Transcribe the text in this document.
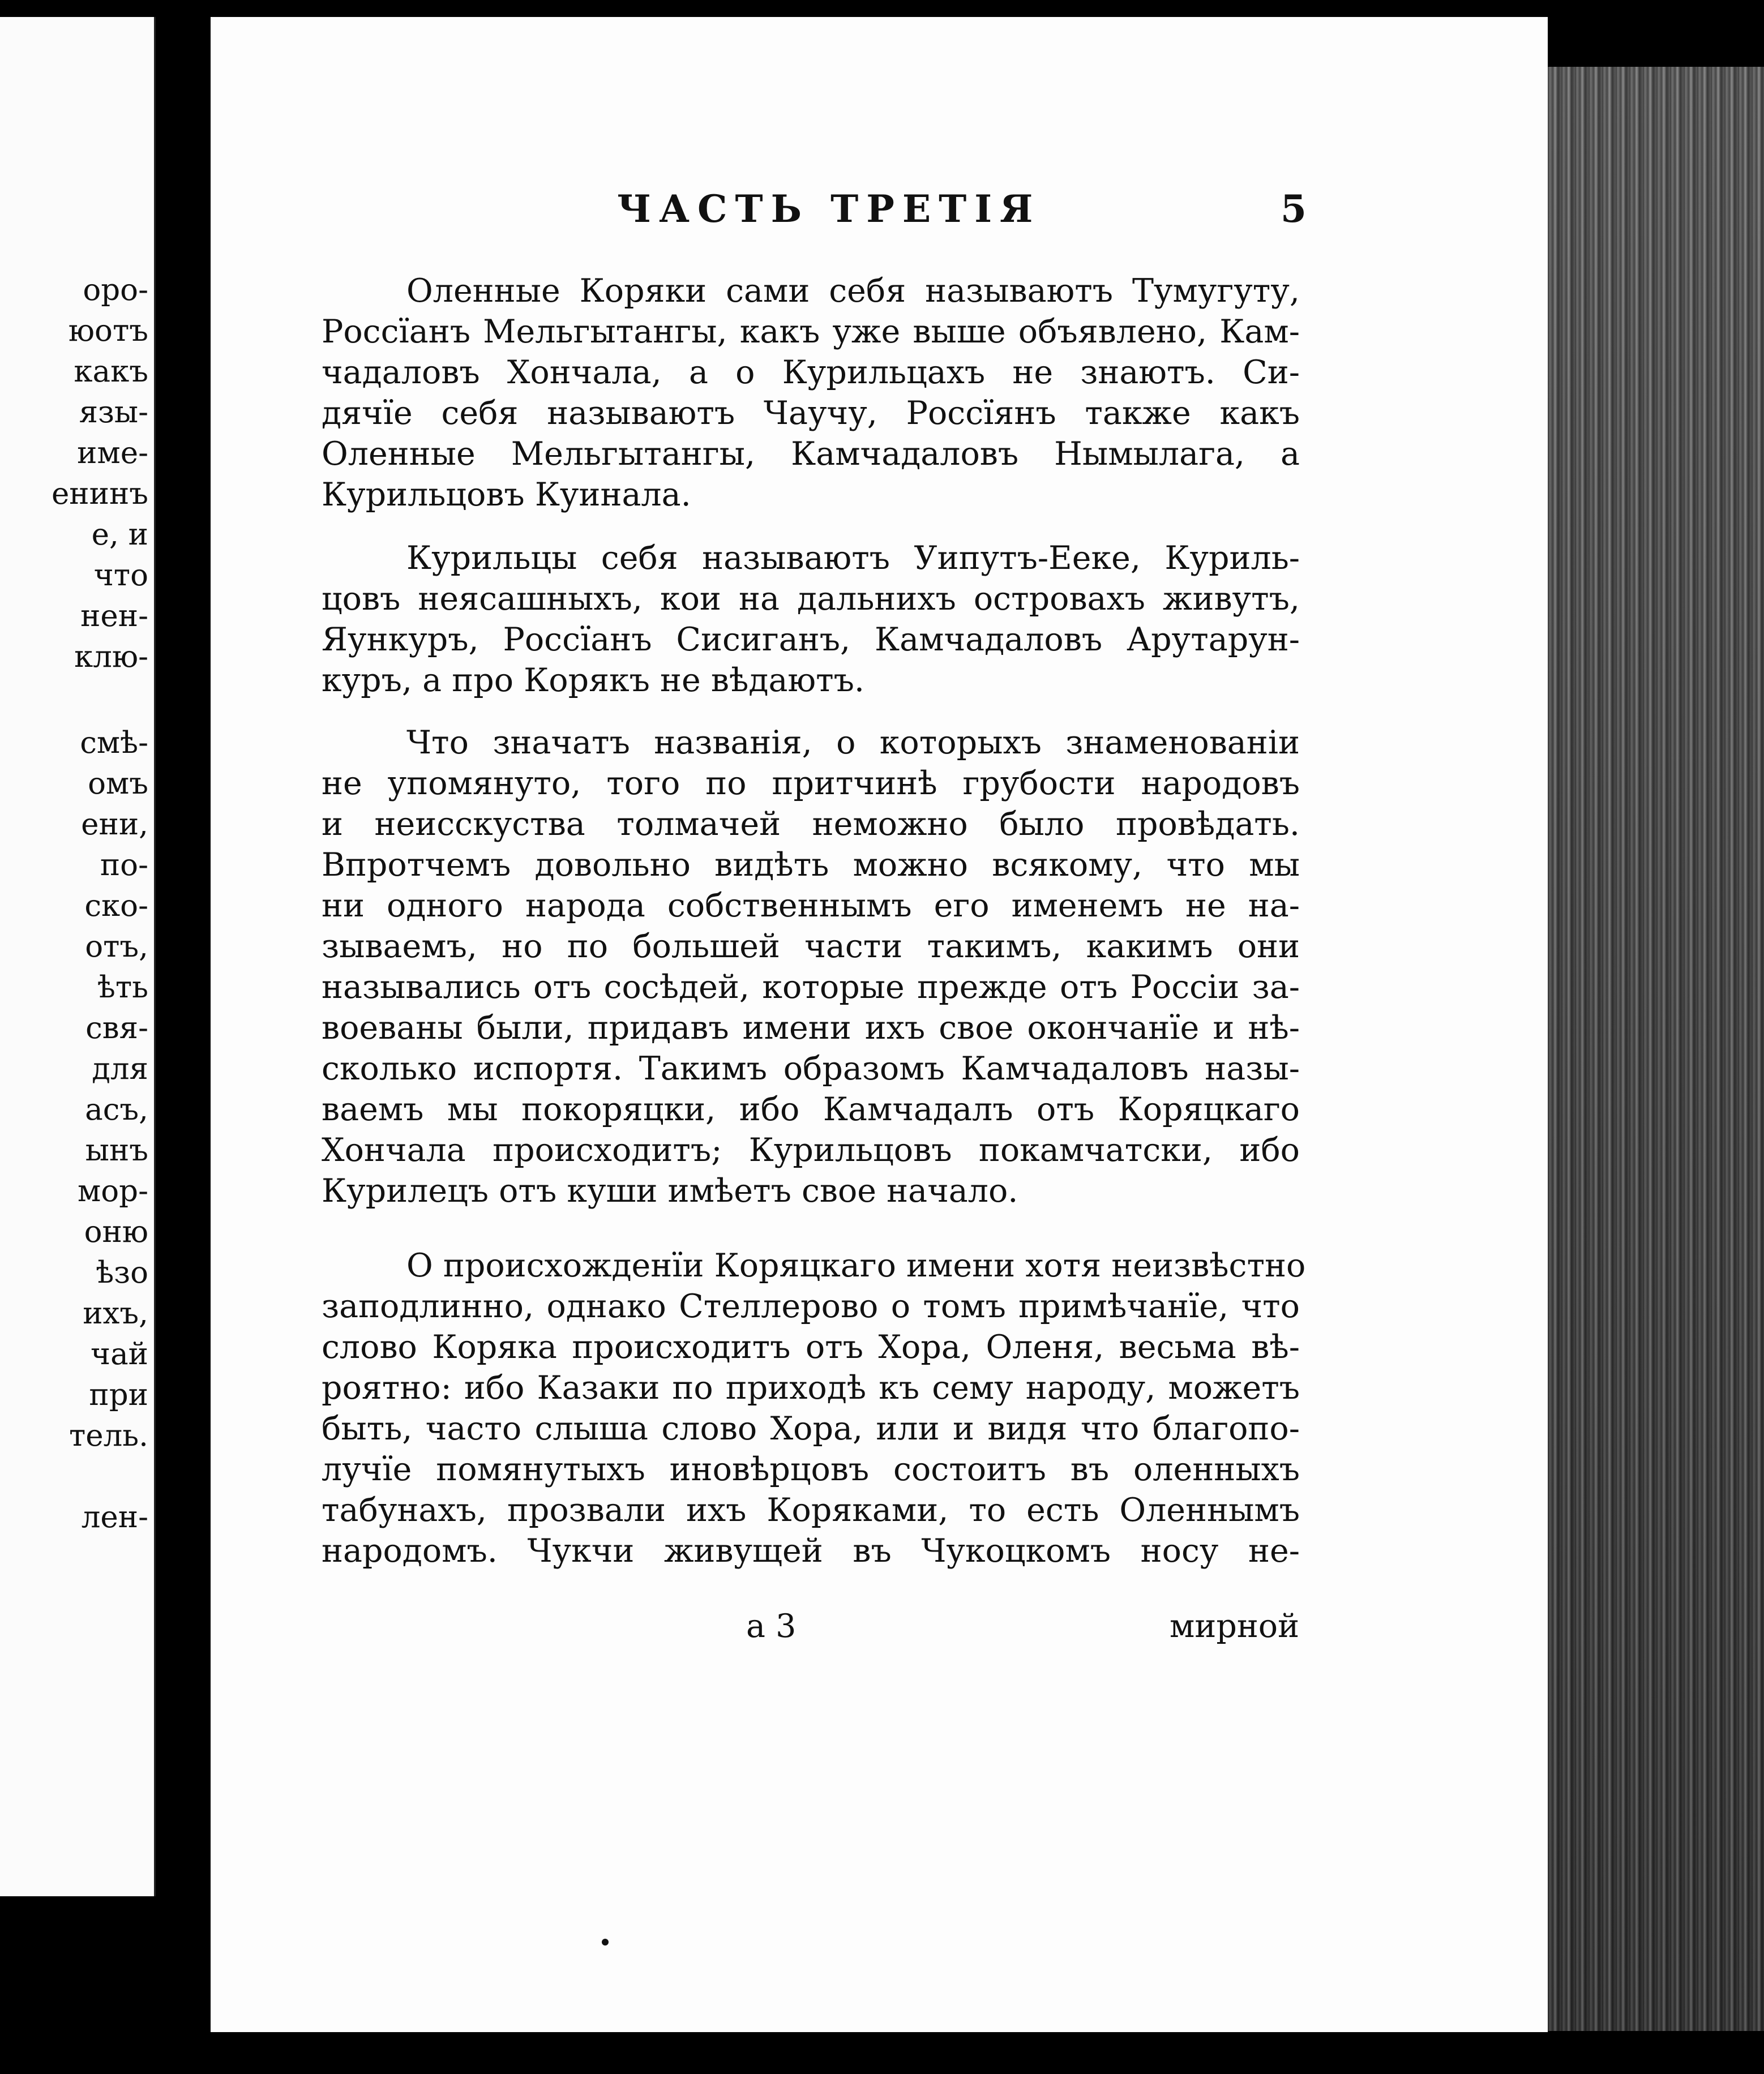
оро-
юотъ
какъ
язы-
име-
енинъ
е, и
что
нен-
клю-
смѣ-
омъ
ени,
по-
ско-
отъ,
ѣть
свя-
для
асъ,
ынъ
мор-
оню
ѣзо
ихъ,
чай
при
тель.
лен-
ЧАСТЬ ТРЕТІЯ	5
Оленные Коряки сами себя называютъ Тумугуту,
Россїанъ Мельгытангы, какъ уже выше объявлено, Кам-
чадаловъ Хончала, а о Курильцахъ не знаютъ. Си-
дячїе себя называютъ Чаучу, Россїянъ также какъ
Оленные Мельгытангы, Камчадаловъ Нымылага, а
Курильцовъ Куинала.
Курильцы себя называютъ Уипутъ-Ееке, Куриль-
цовъ неясашныхъ, кои на дальнихъ островахъ живутъ,
Яункуръ, Россїанъ Сисиганъ, Камчадаловъ Арутарун-
куръ, а про Корякъ не вѣдаютъ.
Что значатъ названія, о которыхъ знаменованіи
не упомянуто, того по притчинѣ грубости народовъ
и неисскуства толмачей неможно было провѣдать.
Впротчемъ довольно видѣть можно всякому, что мы
ни одного народа собственнымъ его именемъ не на-
зываемъ, но по большей части такимъ, какимъ они
назывались отъ сосѣдей, которые прежде отъ Россіи за-
воеваны были, придавъ имени ихъ свое окончанїе и нѣ-
сколько испортя. Такимъ образомъ Камчадаловъ назы-
ваемъ мы покоряцки, ибо Камчадалъ отъ Коряцкаго
Хончала происходитъ; Курильцовъ покамчатски, ибо
Курилецъ отъ куши имѣетъ свое начало.
О происхожденїи Коряцкаго имени хотя неизвѣстно
заподлинно, однако Стеллерово о томъ примѣчанїе, что
слово Коряка происходитъ отъ Хора, Оленя, весьма вѣ-
роятно: ибо Казаки по приходѣ къ сему народу, можетъ
быть, часто слыша слово Хора, или и видя что благопо-
лучїе помянутыхъ иновѣрцовъ состоитъ въ оленныхъ
табунахъ, прозвали ихъ Коряками, то есть Оленнымъ
народомъ. Чукчи живущей въ Чукоцкомъ носу не-
а 3	мирной
